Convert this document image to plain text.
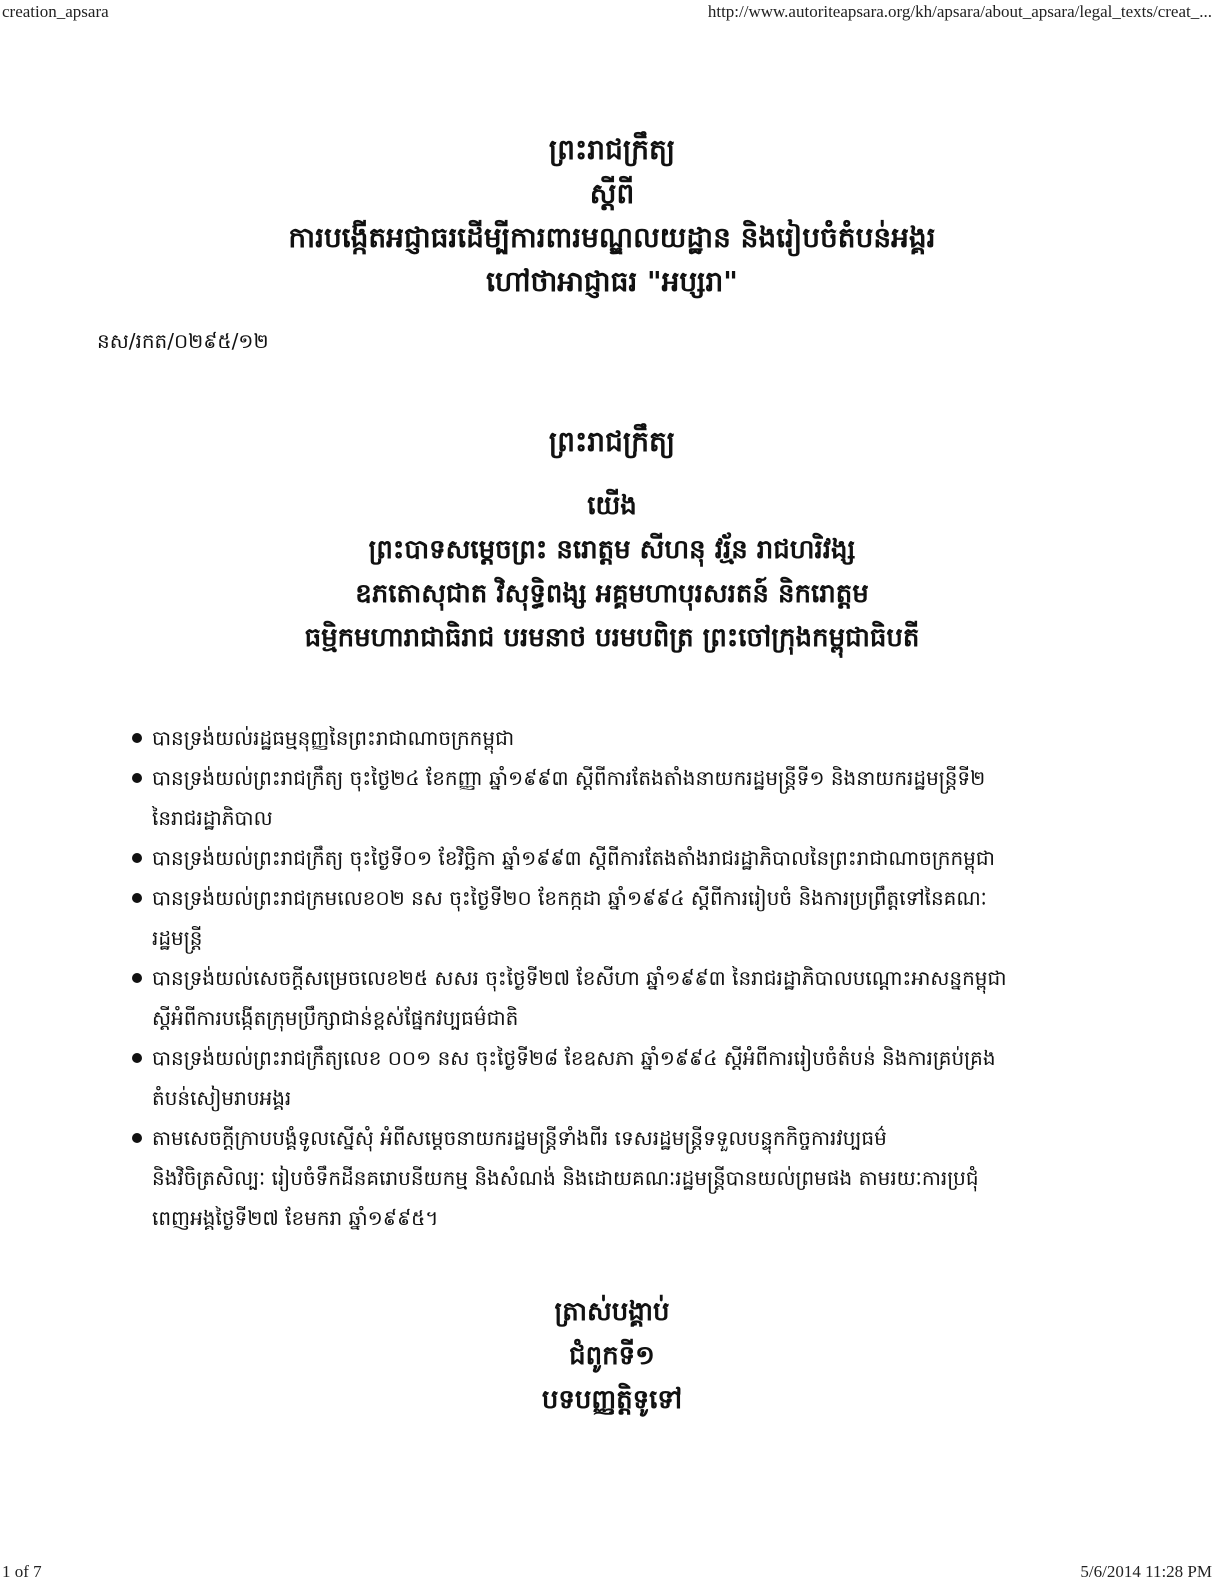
creation_apsara	http://www.autoriteapsara.org/kh/apsara/about_apsara/legal_texts/creat_...
ព្រះរាជក្រឹត្យ
ស្តីពី
ការបង្កើតអជ្ញាធរដើម្បីការពារមណ្ឌលយដ្ឋាន និងរៀបចំតំបន់អង្គរ
ហៅថាអាជ្ញាធរ "អប្សរា"
នស/រកត/០២៩៥/១២
ព្រះរាជក្រឹត្យ
យើង
ព្រះបាទសម្តេចព្រះ នរោត្តម សីហនុ វរ្ម័ន រាជហរិវង្ស
ឧភតោសុជាត វិសុទ្ធិពង្ស អគ្គមហាបុរសរតន៍ និករោត្តម
ធម្មិកមហារាជាធិរាជ បរមនាថ បរមបពិត្រ ព្រះចៅក្រុងកម្ពុជាធិបតី
បានទ្រង់យល់រដ្ឋធម្មនុញ្ញនៃព្រះរាជាណាចក្រកម្ពុជា
បានទ្រង់យល់ព្រះរាជក្រឹត្យ ចុះថ្ងៃ២៤ ខែកញ្ញា ឆ្នាំ១៩៩៣ ស្តីពីការតែងតាំងនាយករដ្ឋមន្ត្រីទី១ និងនាយករដ្ឋមន្ត្រីទី២
នៃរាជរដ្ឋាភិបាល
បានទ្រង់យល់ព្រះរាជក្រឹត្យ ចុះថ្ងៃទី០១ ខែវិច្ឆិកា ឆ្នាំ១៩៩៣ ស្តីពីការតែងតាំងរាជរដ្ឋាភិបាលនៃព្រះរាជាណាចក្រកម្ពុជា
បានទ្រង់យល់ព្រះរាជក្រមលេខ០២ នស ចុះថ្ងៃទី២០ ខែកក្កដា ឆ្នាំ១៩៩៤ ស្តីពីការរៀបចំ និងការប្រព្រឹត្តទៅនៃគណៈ
រដ្ឋមន្ត្រី
បានទ្រង់យល់សេចក្តីសម្រេចលេខ២៥ សសរ ចុះថ្ងៃទី២៧ ខែសីហា ឆ្នាំ១៩៩៣ នៃរាជរដ្ឋាភិបាលបណ្តោះអាសន្នកម្ពុជា
ស្តីអំពីការបង្កើតក្រុមប្រឹក្សាជាន់ខ្ពស់ផ្នែកវប្បធម៌ជាតិ
បានទ្រង់យល់ព្រះរាជក្រឹត្យលេខ ០០១ នស ចុះថ្ងៃទី២៨ ខែឧសភា ឆ្នាំ១៩៩៤ ស្តីអំពីការរៀបចំតំបន់ និងការគ្រប់គ្រង
តំបន់សៀមរាបអង្គរ
តាមសេចក្តីក្រាបបង្គំទូលស្នើសុំ អំពីសម្តេចនាយករដ្ឋមន្ត្រីទាំងពីរ ទេសរដ្ឋមន្ត្រីទទួលបន្ទុកកិច្ចការវប្បធម៌
និងវិចិត្រសិល្បៈ រៀបចំទឹកដីនគរោបនីយកម្ម និងសំណង់ និងដោយគណៈរដ្ឋមន្ត្រីបានយល់ព្រមផង តាមរយៈការប្រជុំ
ពេញអង្គថ្ងៃទី២៧ ខែមករា ឆ្នាំ១៩៩៥។
ត្រាស់បង្គាប់
ជំពូកទី១
បទបញ្ញត្តិទូទៅ
1 of 7	5/6/2014 11:28 PM
